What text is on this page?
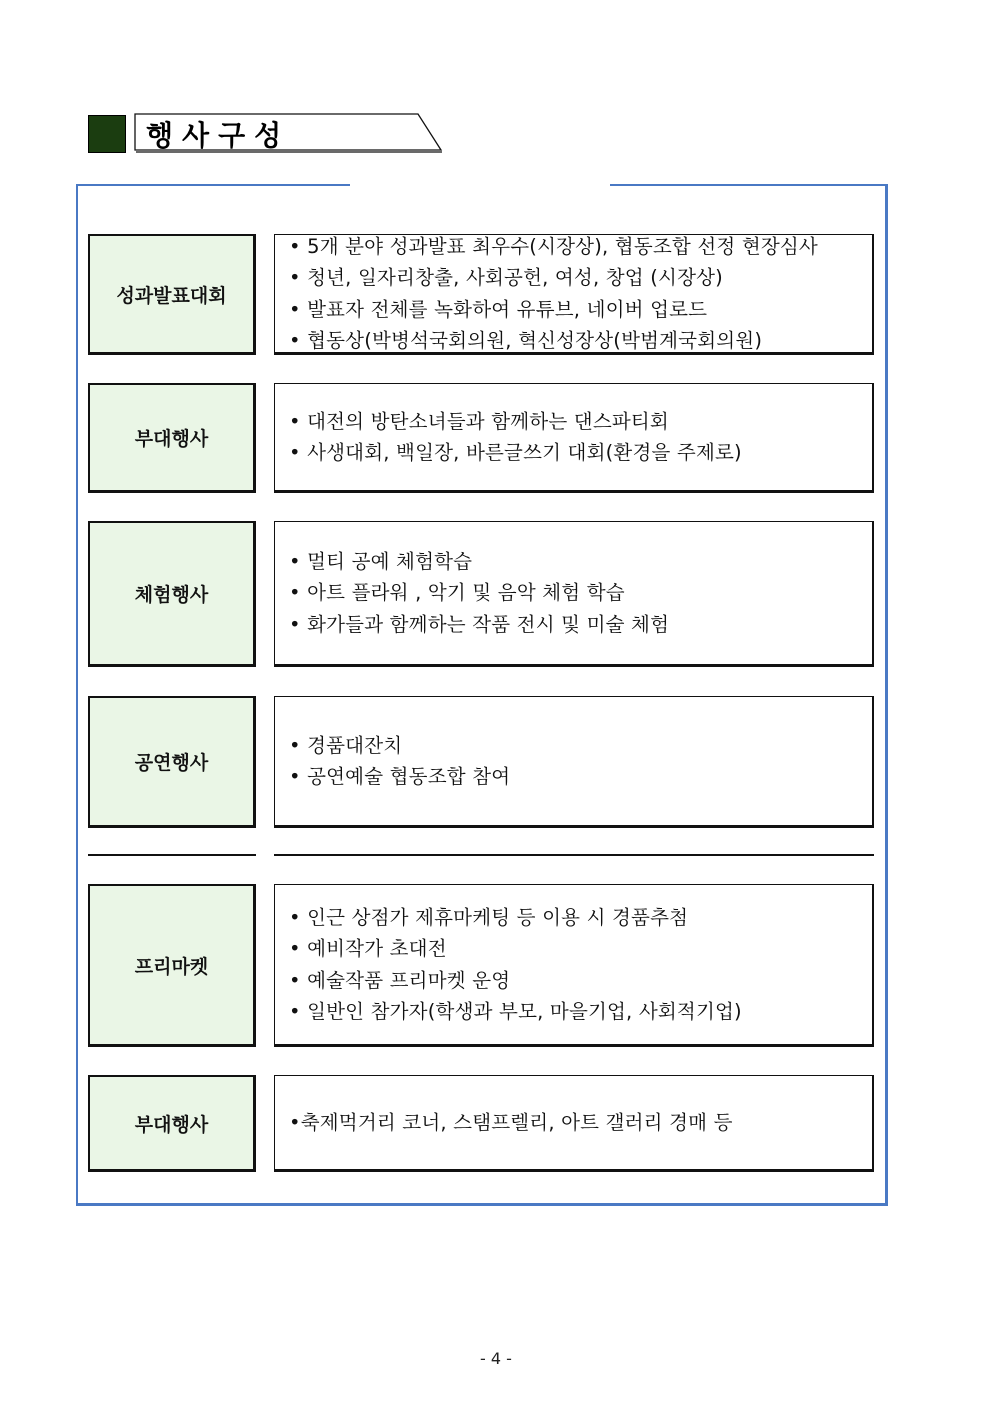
행사구성
성과발표대회
• 5개 분야 성과발표 최우수(시장상), 협동조합 선정 현장심사
• 청년, 일자리창출, 사회공헌, 여성, 창업 (시장상)
• 발표자 전체를 녹화하여 유튜브, 네이버 업로드
• 협동상(박병석국회의원, 혁신성장상(박범계국회의원)
부대행사
• 대전의 방탄소녀들과 함께하는 댄스파티회
• 사생대회, 백일장, 바른글쓰기 대회(환경을 주제로)
체험행사
• 멀티 공예 체험학습
• 아트 플라워 , 악기 및 음악 체험 학습
• 화가들과 함께하는 작품 전시 및 미술 체험
공연행사
• 경품대잔치
• 공연예술 협동조합 참여
프리마켓
• 인근 상점가 제휴마케팅 등 이용 시 경품추첨
• 예비작가 초대전
• 예술작품 프리마켓 운영
• 일반인 참가자(학생과 부모, 마을기업, 사회적기업)
부대행사	•축제먹거리 코너, 스탬프렐리, 아트 갤러리 경매 등
- 4 -
